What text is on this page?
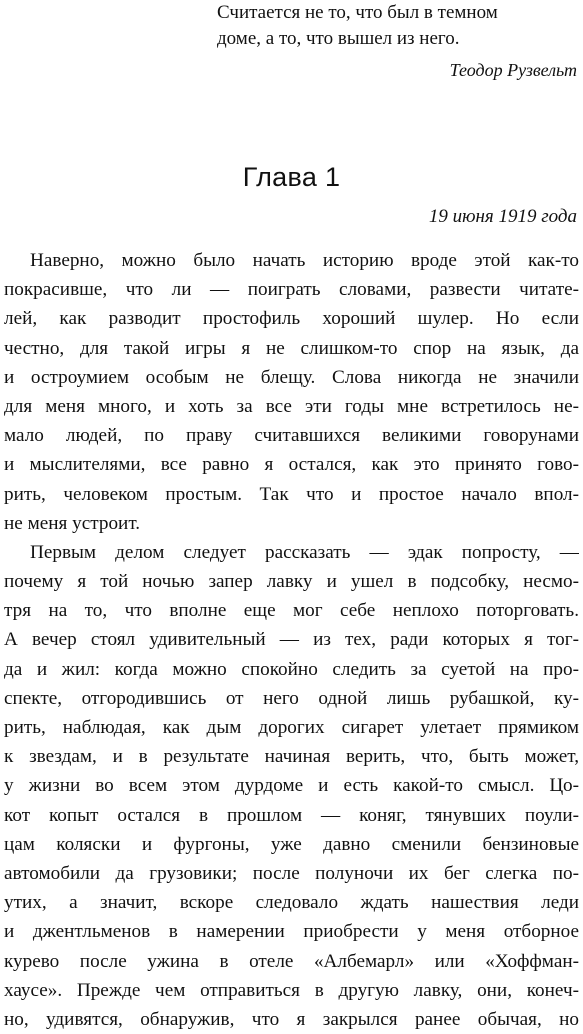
Считается не то, что был в темном
доме, а то, что вышел из него.
Теодор Рузвельт
Глава 1
19 июня 1919 года
Наверно, можно было начать историю вроде этой как-то
покрасивше, что ли — поиграть словами, развести читате-
лей, как разводит простофиль хороший шулер. Но если
честно, для такой игры я не слишком-то спор на язык, да
и остроумием особым не блещу. Слова никогда не значили
для меня много, и хоть за все эти годы мне встретилось не-
мало людей, по праву считавшихся великими говорунами
и мыслителями, все равно я остался, как это принято гово-
рить, человеком простым. Так что и простое начало впол-
не меня устроит.
Первым делом следует рассказать — эдак попросту, —
почему я той ночью запер лавку и ушел в подсобку, несмо-
тря на то, что вполне еще мог себе неплохо поторговать.
А вечер стоял удивительный — из тех, ради которых я тог-
да и жил: когда можно спокойно следить за суетой на про-
спекте, отгородившись от него одной лишь рубашкой, ку-
рить, наблюдая, как дым дорогих сигарет улетает прямиком
к звездам, и в результате начиная верить, что, быть может,
у жизни во всем этом дурдоме и есть какой-то смысл. Цо-
кот копыт остался в прошлом — коняг, тянувших поули-
цам коляски и фургоны, уже давно сменили бензиновые
автомобили да грузовики; после полуночи их бег слегка по-
утих, а значит, вскоре следовало ждать нашествия леди
и джентльменов в намерении приобрести у меня отборное
курево после ужина в отеле «Албемарл» или «Хоффман-
хаусе». Прежде чем отправиться в другую лавку, они, конеч-
но, удивятся, обнаружив, что я закрылся ранее обычая, но
